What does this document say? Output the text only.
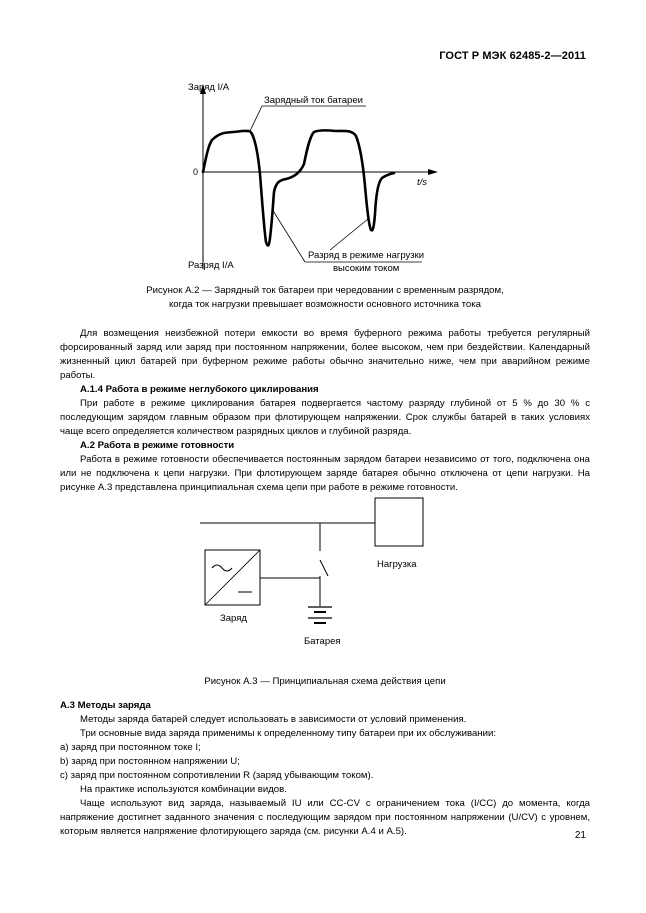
ГОСТ Р МЭК 62485-2—2011
Заряд I/A
Разряд I/A
0
t/s
Зарядный ток батареи
Разряд в режиме нагрузки
высоким током
Рисунок А.2 — Зарядный ток батареи при чередовании с временным разрядом,
когда ток нагрузки превышает возможности основного источника тока

Для возмещения неизбежной потери емкости во время буферного режима работы требуется регулярный форсированный заряд или заряд при постоянном напряжении, более высоком, чем при бездействии. Календарный жизненный цикл батарей при буферном режиме работы обычно значительно ниже, чем при аварийном режиме работы.

А.1.4 Работа в режиме неглубокого циклирования

При работе в режиме циклирования батарея подвергается частому разряду глубиной от 5 % до 30 % с последующим зарядом главным образом при флотирующем напряжении. Срок службы батарей в таких условиях чаще всего определяется количеством разрядных циклов и глубиной разряда.

А.2 Работа в режиме готовности

Работа в режиме готовности обеспечивается постоянным зарядом батареи независимо от того, подключена она или не подключена к цепи нагрузки. При флотирующем заряде батарея обычно отключена от цепи нагрузки. На рисунке А.3 представлена принципиальная схема цепи при работе в режиме готовности.

Нагрузка
Заряд
Батарея
Рисунок А.3 — Принципиальная схема действия цепи

А.3 Методы заряда

Методы заряда батарей следует использовать в зависимости от условий применения.

Три основные вида заряда применимы к определенному типу батареи при их обслуживании:

a) заряд при постоянном токе I;

b) заряд при постоянном напряжении U;

c) заряд при постоянном сопротивлении R (заряд убывающим током).

На практике используются комбинации видов.

Чаще используют вид заряда, называемый IU или CC-CV с ограничением тока (I/CC) до момента, когда напряжение достигнет заданного значения с последующим зарядом при постоянном напряжении (U/CV) с уровнем, которым является напряжение флотирующего заряда (см. рисунки А.4 и А.5).	21
